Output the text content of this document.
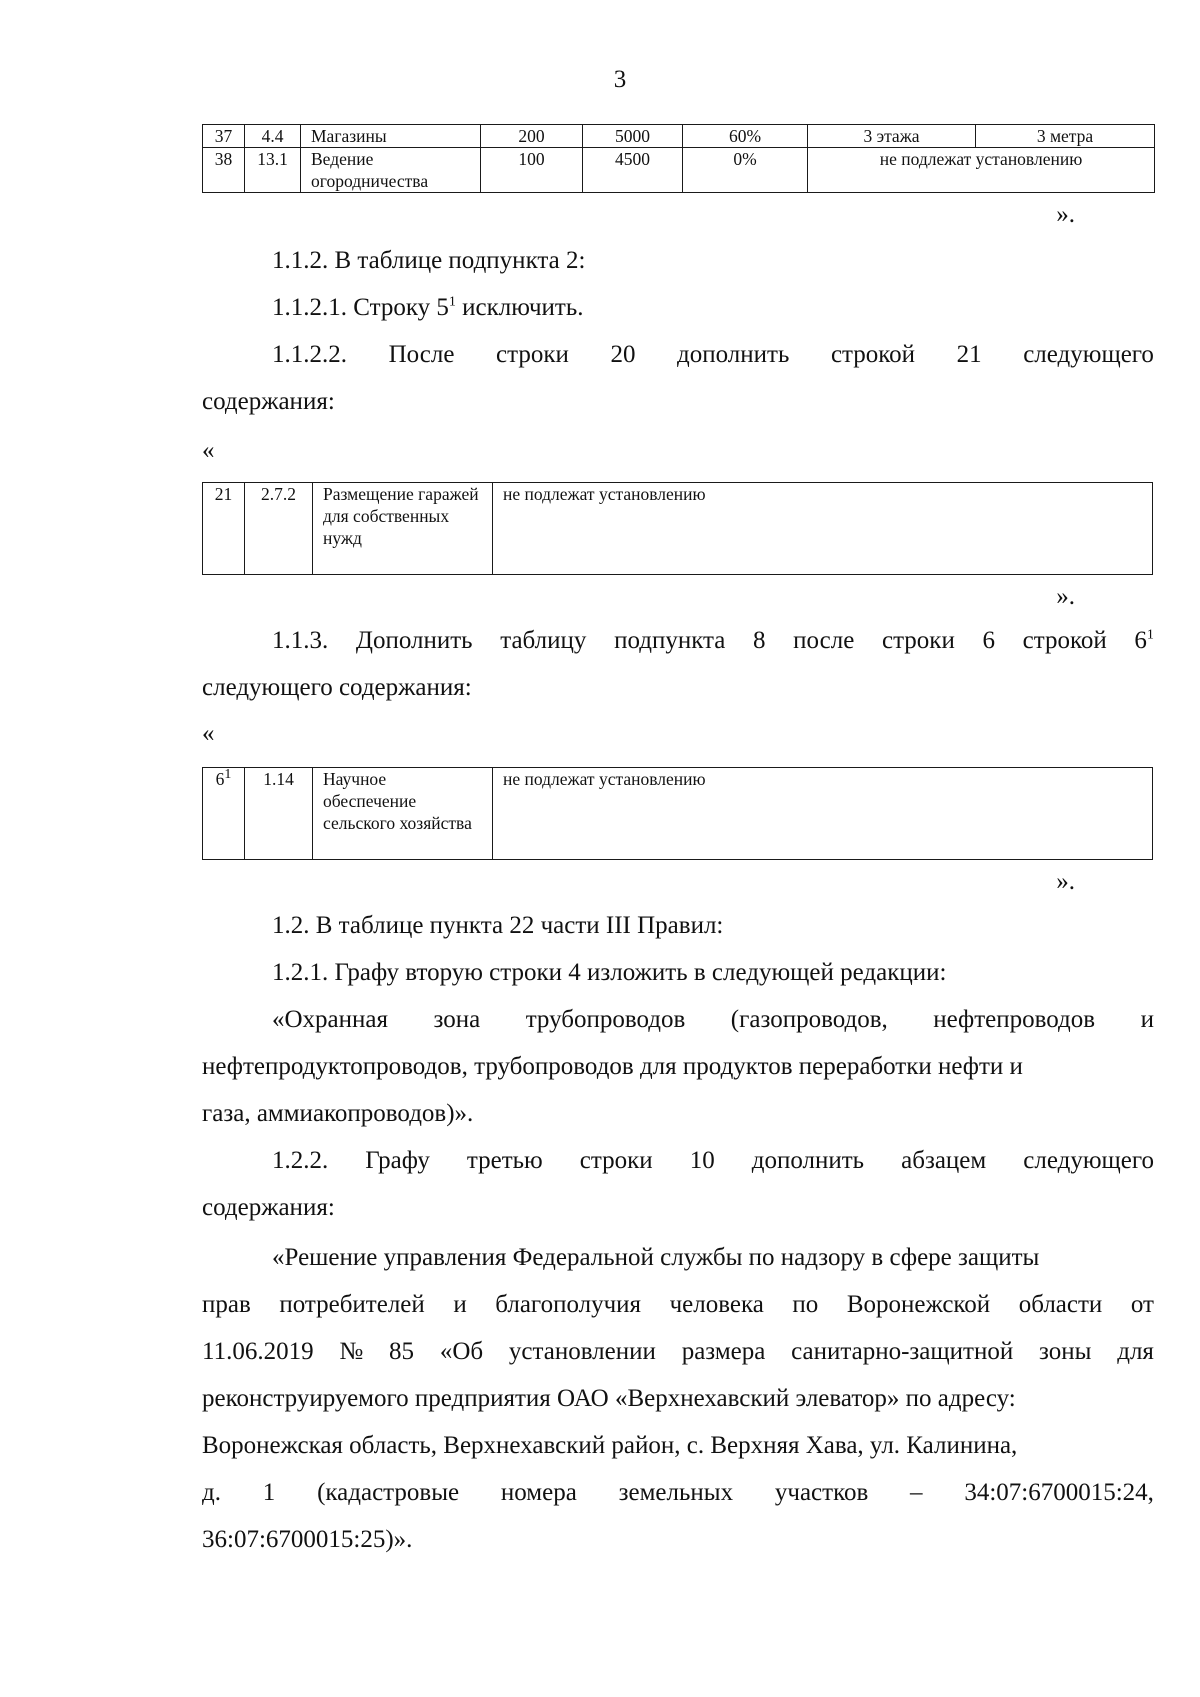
3
37	4.4	Магазины	200	5000	60%	3 этажа	3 метра
38	13.1	Ведение огородничества	100	4500	0%	не подлежат установлению	
».
1.1.2. В таблице подпункта 2:
1.1.2.1. Строку $5^1$ исключить.
1.1.2.2. После строки 20 дополнить строкой 21 следующего
содержания:
«
21	2.7.2	Размещение гаражей для собственных нужд	не подлежат установлению
».
1.1.3. Дополнить таблицу подпункта 8 после строки 6 строкой $6^1$
следующего содержания:
«
$6^1$	1.14	Научное обеспечение сельского хозяйства	не подлежат установлению
».
1.2. В таблице пункта 22 части III Правил:
1.2.1. Графу вторую строки 4 изложить в следующей редакции:
«Охранная зона трубопроводов (газопроводов, нефтепроводов и
нефтепродуктопроводов, трубопроводов для продуктов переработки нефти и
газа, аммиакопроводов)».
1.2.2. Графу третью строки 10 дополнить абзацем следующего
содержания:
«Решение управления Федеральной службы по надзору в сфере защиты
прав потребителей и благополучия человека по Воронежской области от
11.06.2019 № 85 «Об установлении размера санитарно-защитной зоны для
реконструируемого предприятия ОАО «Верхнехавский элеватор» по адресу:
Воронежская область, Верхнехавский район, с. Верхняя Хава, ул. Калинина,
д. 1 (кадастровые номера земельных участков – 34:07:6700015:24,
36:07:6700015:25)».
